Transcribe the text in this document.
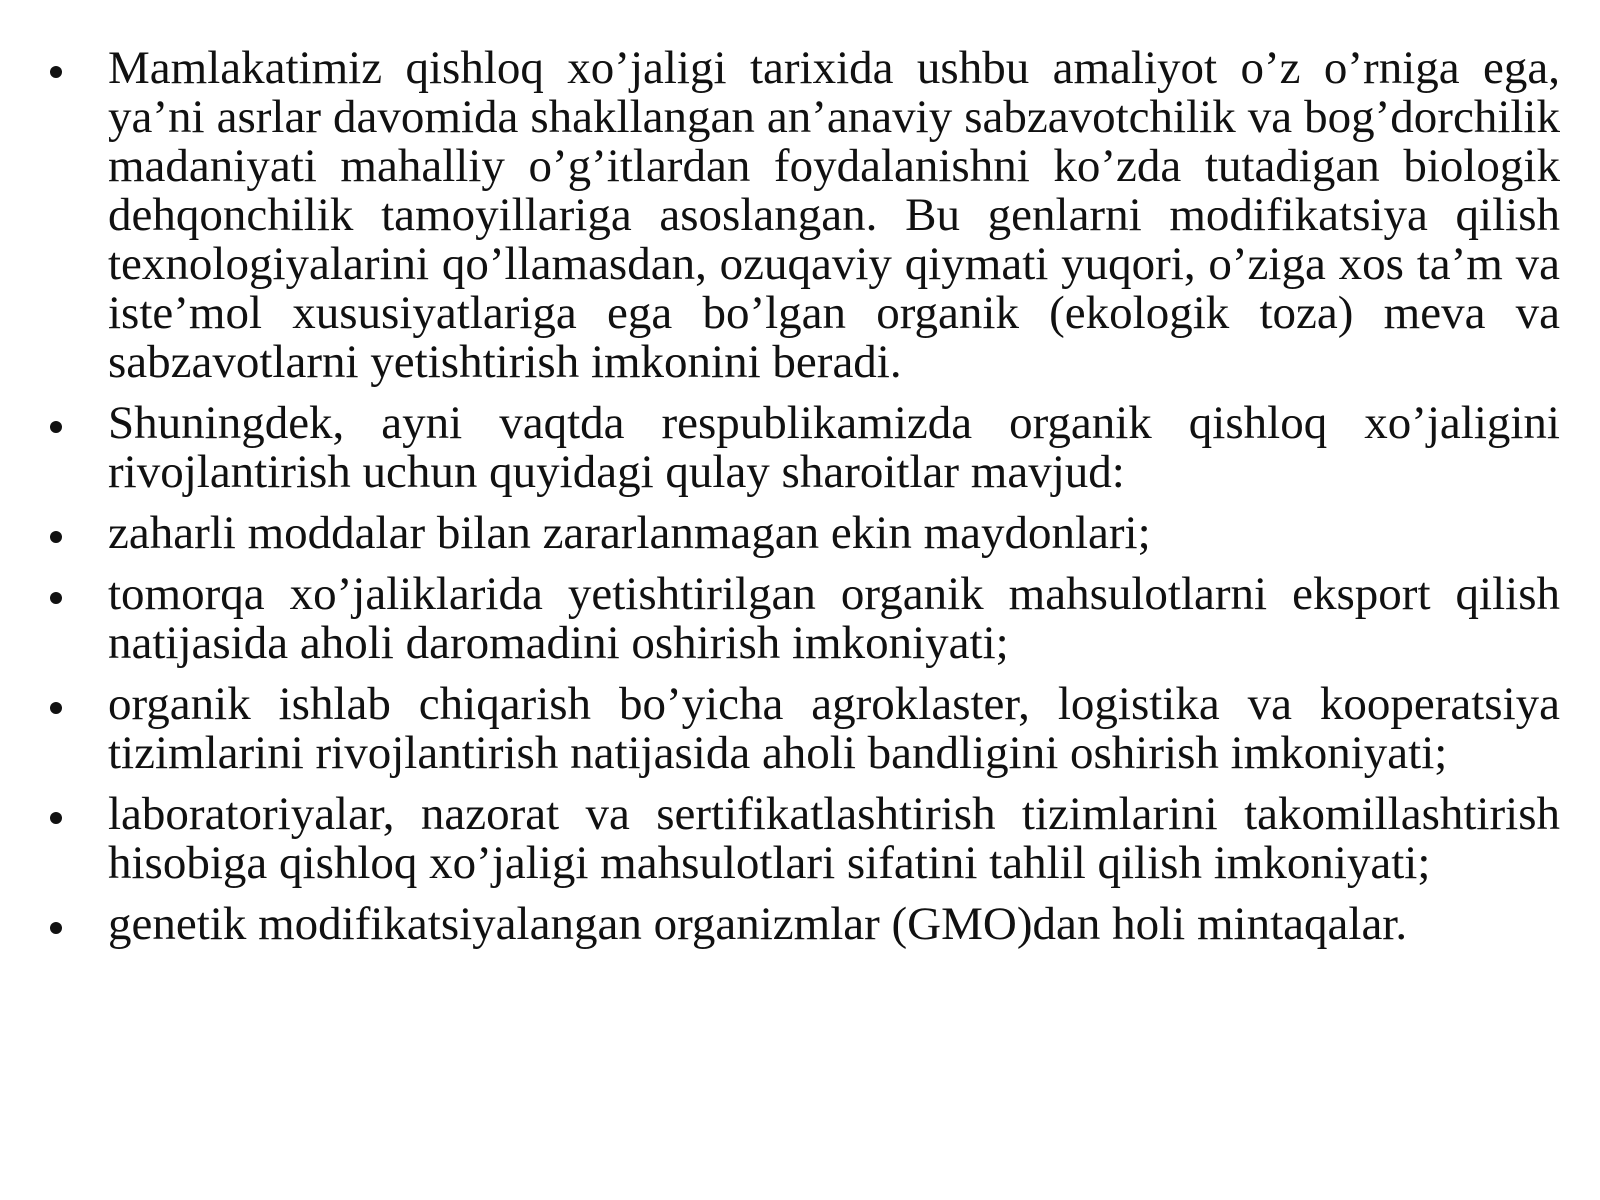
Mamlakatimiz qishloq xo’jaligi tarixida ushbu amaliyot o’z o’rniga ega, ya’ni asrlar davomida shakllangan an’anaviy sabzavotchilik va bog’dorchilik madaniyati mahalliy o’g’itlardan foydalanishni ko’zda tutadigan biologik dehqonchilik tamoyillariga asoslangan. Bu genlarni modifikatsiya qilish texnologiyalarini qo’llamasdan, ozuqaviy qiymati yuqori, o’ziga xos ta’m va iste’mol xususiyatlariga ega bo’lgan organik (ekologik toza) meva va sabzavotlarni yetishtirish imkonini beradi.
Shuningdek, ayni vaqtda respublikamizda organik qishloq xo’jaligini rivojlantirish uchun quyidagi qulay sharoitlar mavjud:
zaharli moddalar bilan zararlanmagan ekin maydonlari;
tomorqa xo’jaliklarida yetishtirilgan organik mahsulotlarni eksport qilish natijasida aholi daromadini oshirish imkoniyati;
organik ishlab chiqarish bo’yicha agroklaster, logistika va kooperatsiya tizimlarini rivojlantirish natijasida aholi bandligini oshirish imkoniyati;
laboratoriyalar, nazorat va sertifikatlashtirish tizimlarini takomillashtirish hisobiga qishloq xo’jaligi mahsulotlari sifatini tahlil qilish imkoniyati;
genetik modifikatsiyalangan organizmlar (GMO)dan holi mintaqalar.
